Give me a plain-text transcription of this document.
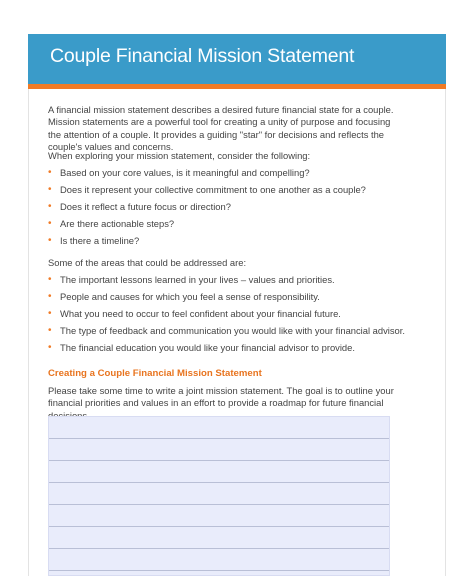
Couple Financial Mission Statement
A financial mission statement describes a desired future financial state for a couple. Mission statements are a powerful tool for creating a unity of purpose and focusing the attention of a couple. It provides a guiding "star" for decisions and reflects the couple's values and concerns.
When exploring your mission statement, consider the following:
• Based on your core values, is it meaningful and compelling?
• Does it represent your collective commitment to one another as a couple?
• Does it reflect a future focus or direction?
• Are there actionable steps?
• Is there a timeline?
Some of the areas that could be addressed are:
• The important lessons learned in your lives – values and priorities.
• People and causes for which you feel a sense of responsibility.
• What you need to occur to feel confident about your financial future.
• The type of feedback and communication you would like with your financial advisor.
• The financial education you would like your financial advisor to provide.
Creating a Couple Financial Mission Statement
Please take some time to write a joint mission statement. The goal is to outline your financial priorities and values in an effort to provide a roadmap for future financial
